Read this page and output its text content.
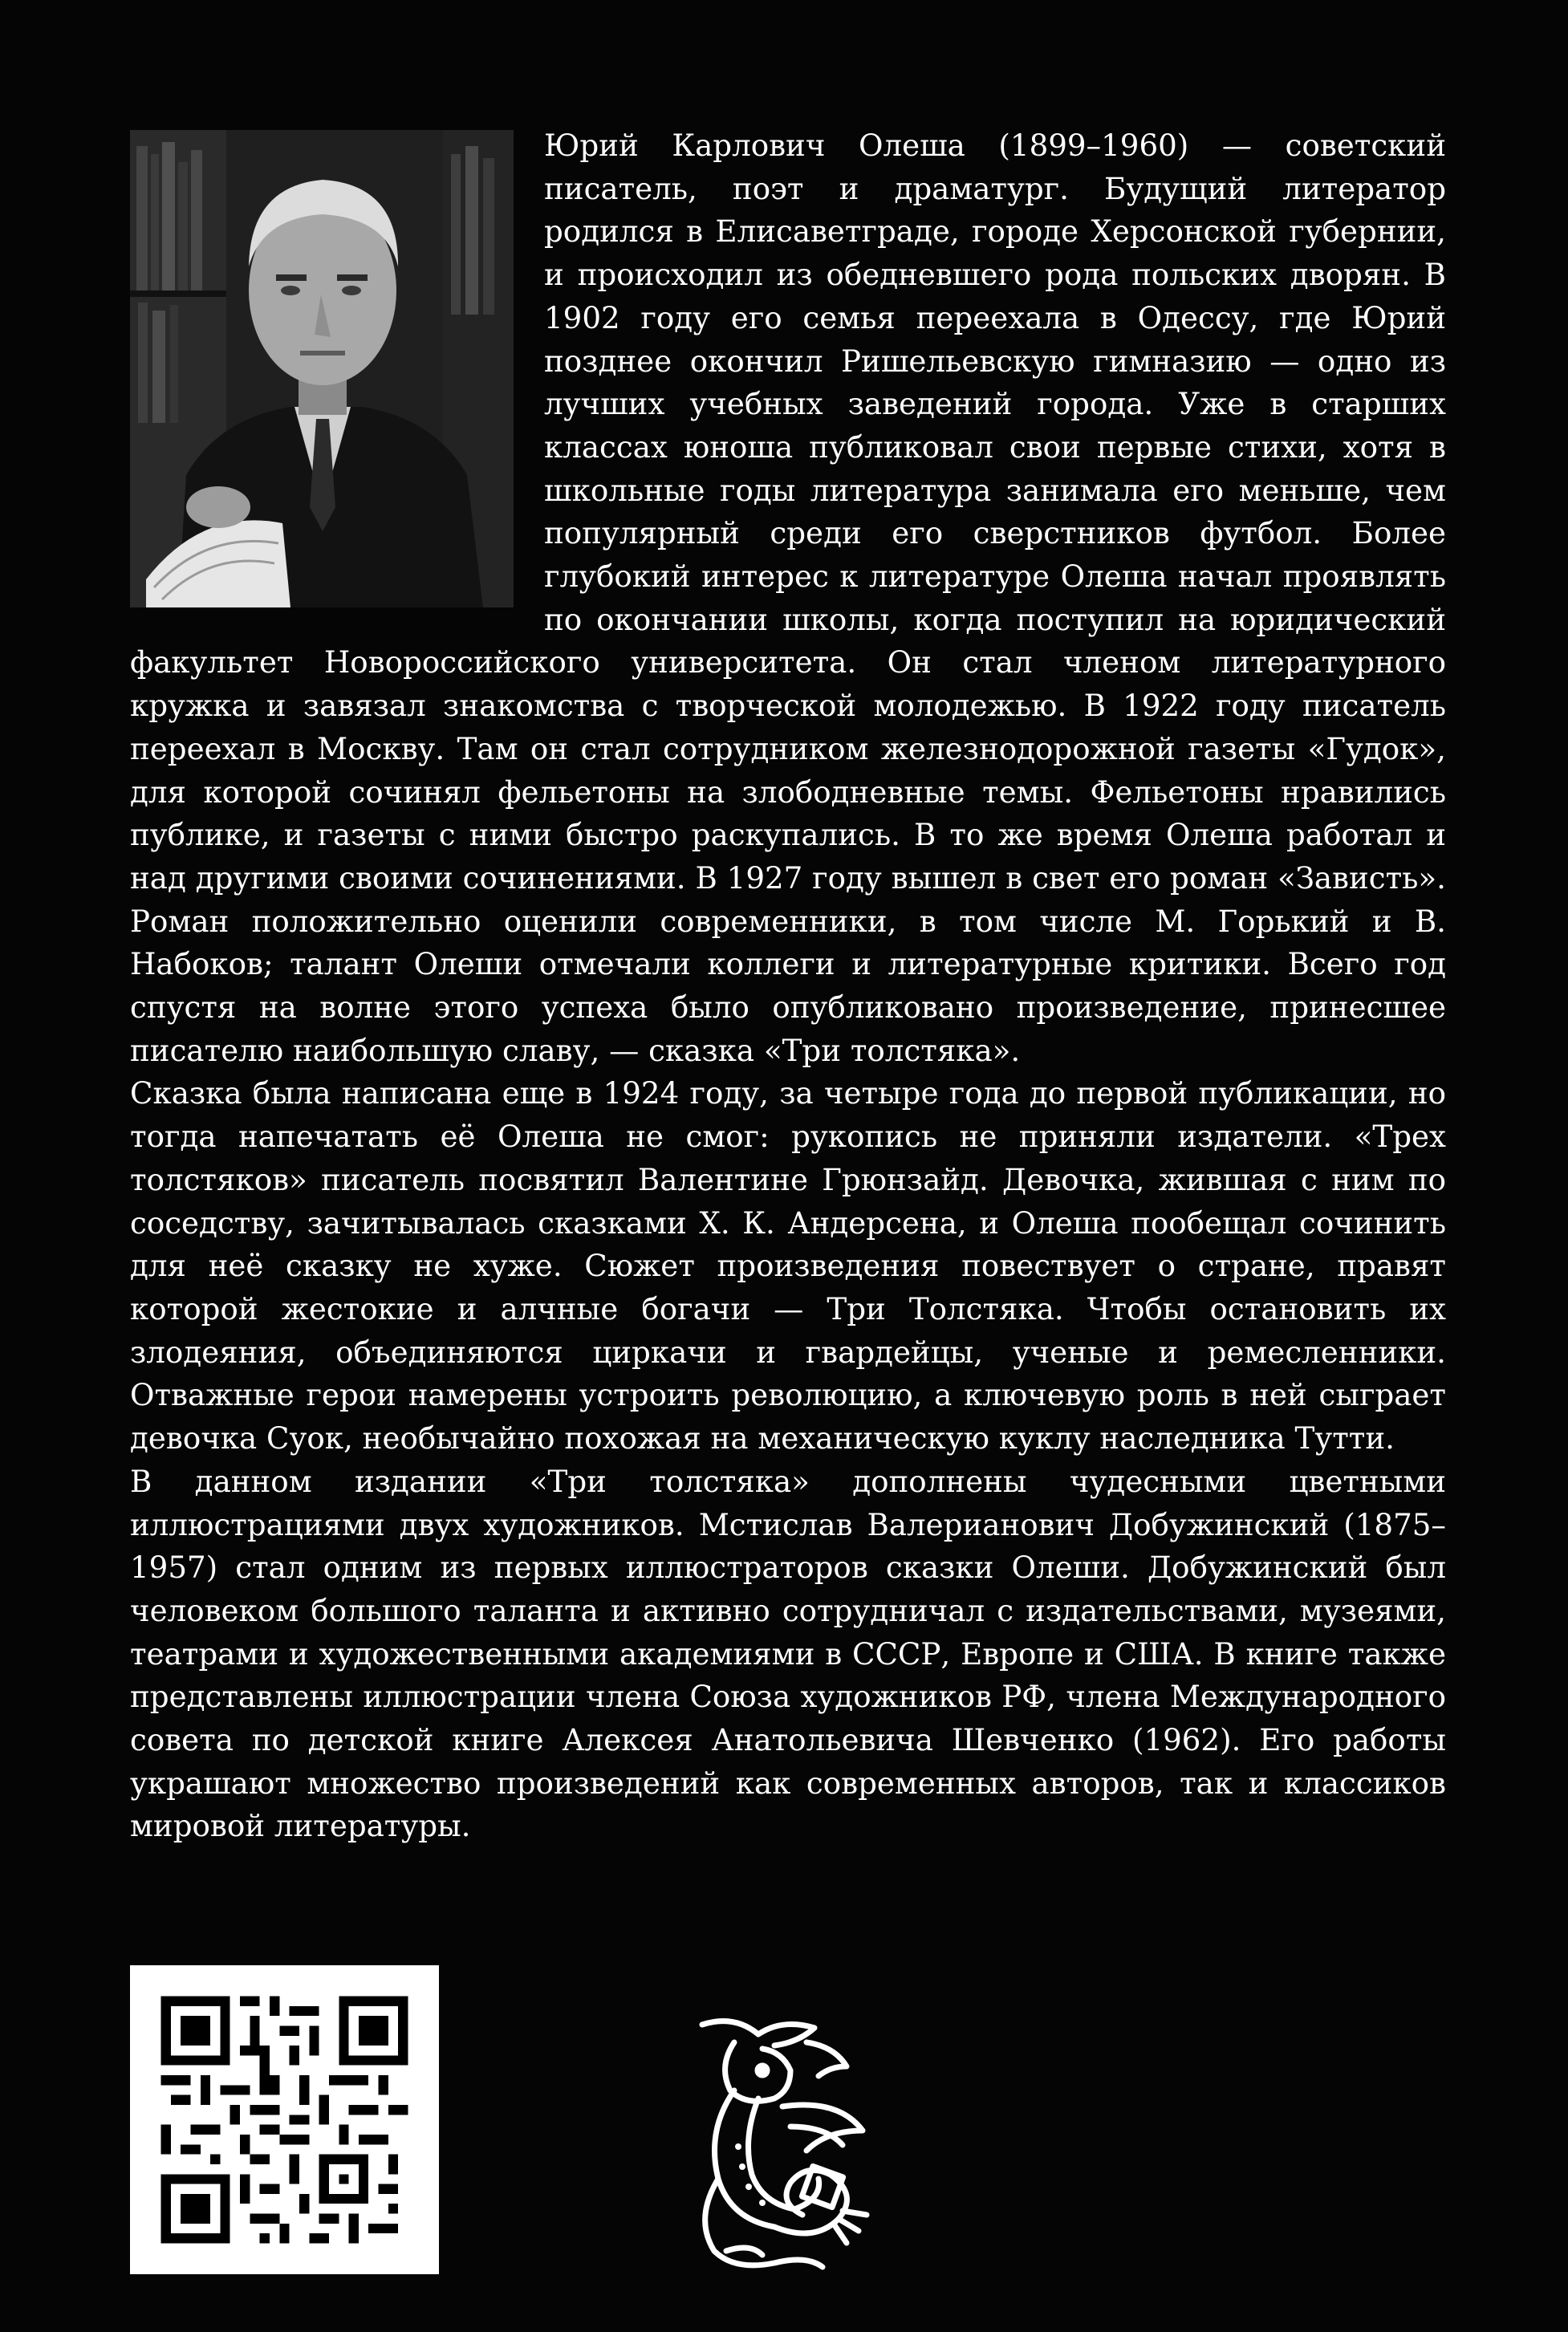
Юрий Карлович Олеша (1899–1960) — советский писатель, поэт и драматург. Будущий литератор родился в Елисаветграде, городе Херсонской губернии, и происходил из обедневшего рода польских дворян. В 1902 году его семья переехала в Одессу, где Юрий позднее окончил Ришельевскую гимназию — одно из лучших учебных заведений города. Уже в старших классах юноша публиковал свои первые стихи, хотя в школьные годы литература занимала его меньше, чем популярный среди его сверстников футбол. Более глубокий интерес к литературе Олеша начал проявлять по окончании школы, когда поступил на юридический факультет Новороссийского университета. Он стал членом литературного кружка и завязал знакомства с творческой молодежью. В 1922 году писатель переехал в Москву. Там он стал сотрудником железнодорожной газеты «Гудок», для которой сочинял фельетоны на злободневные темы. Фельетоны нравились публике, и газеты с ними быстро раскупались. В то же время Олеша работал и над другими своими сочинениями. В 1927 году вышел в свет его роман «Зависть». Роман положительно оценили современники, в том числе М. Горький и В. Набоков; талант Олеши отмечали коллеги и литературные критики. Всего год спустя на волне этого успеха было опубликовано произведение, принесшее писателю наибольшую славу, — сказка «Три толстяка».

Сказка была написана еще в 1924 году, за четыре года до первой публикации, но тогда напечатать её Олеша не смог: рукопись не приняли издатели. «Трех толстяков» писатель посвятил Валентине Грюнзайд. Девочка, жившая с ним по соседству, зачитывалась сказками Х. К. Андерсена, и Олеша пообещал сочинить для неё сказку не хуже. Сюжет произведения повествует о стране, правят которой жестокие и алчные богачи — Три Толстяка. Чтобы остановить их злодеяния, объединяются циркачи и гвардейцы, ученые и ремесленники. Отважные герои намерены устроить революцию, а ключевую роль в ней сыграет девочка Суок, необычайно похожая на механическую куклу наследника Тутти.

В данном издании «Три толстяка» дополнены чудесными цветными иллюстрациями двух художников. Мстислав Валерианович Добужинский (1875–1957) стал одним из первых иллюстраторов сказки Олеши. Добужинский был человеком большого таланта и активно сотрудничал с издательствами, музеями, театрами и художественными академиями в СССР, Европе и США. В книге также представлены иллюстрации члена Союза художников РФ, члена Международного совета по детской книге Алексея Анатольевича Шевченко (1962). Его работы украшают множество произведений как современных авторов, так и классиков мировой литературы.
